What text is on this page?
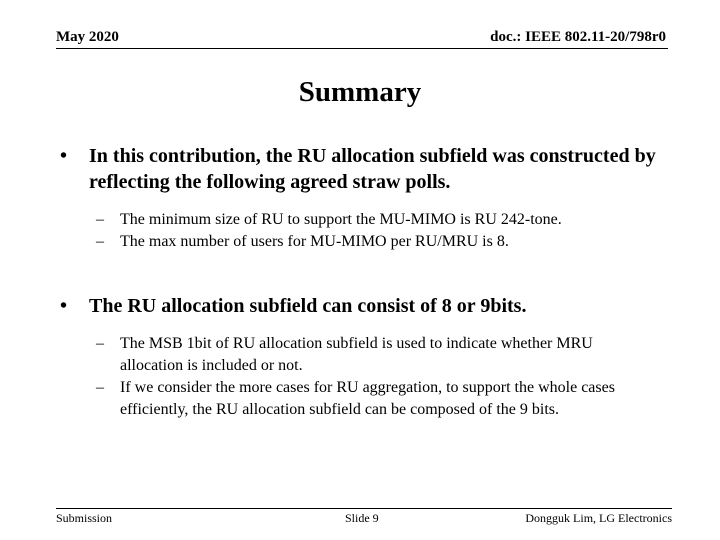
May 2020	doc.: IEEE 802.11-20/798r0
Summary
• In this contribution, the RU allocation subfield was constructed by reflecting the following agreed straw polls.
– The minimum size of RU to support the MU-MIMO is RU 242-tone.
– The max number of users for MU-MIMO per RU/MRU is 8.
• The RU allocation subfield can consist of 8 or 9bits.
– The MSB 1bit of RU allocation subfield is used to indicate whether MRU allocation is included or not.
– If we consider the more cases for RU aggregation, to support the whole cases efficiently, the RU allocation subfield can be composed of the 9 bits.
Submission	Slide 9	Dongguk Lim, LG Electronics
